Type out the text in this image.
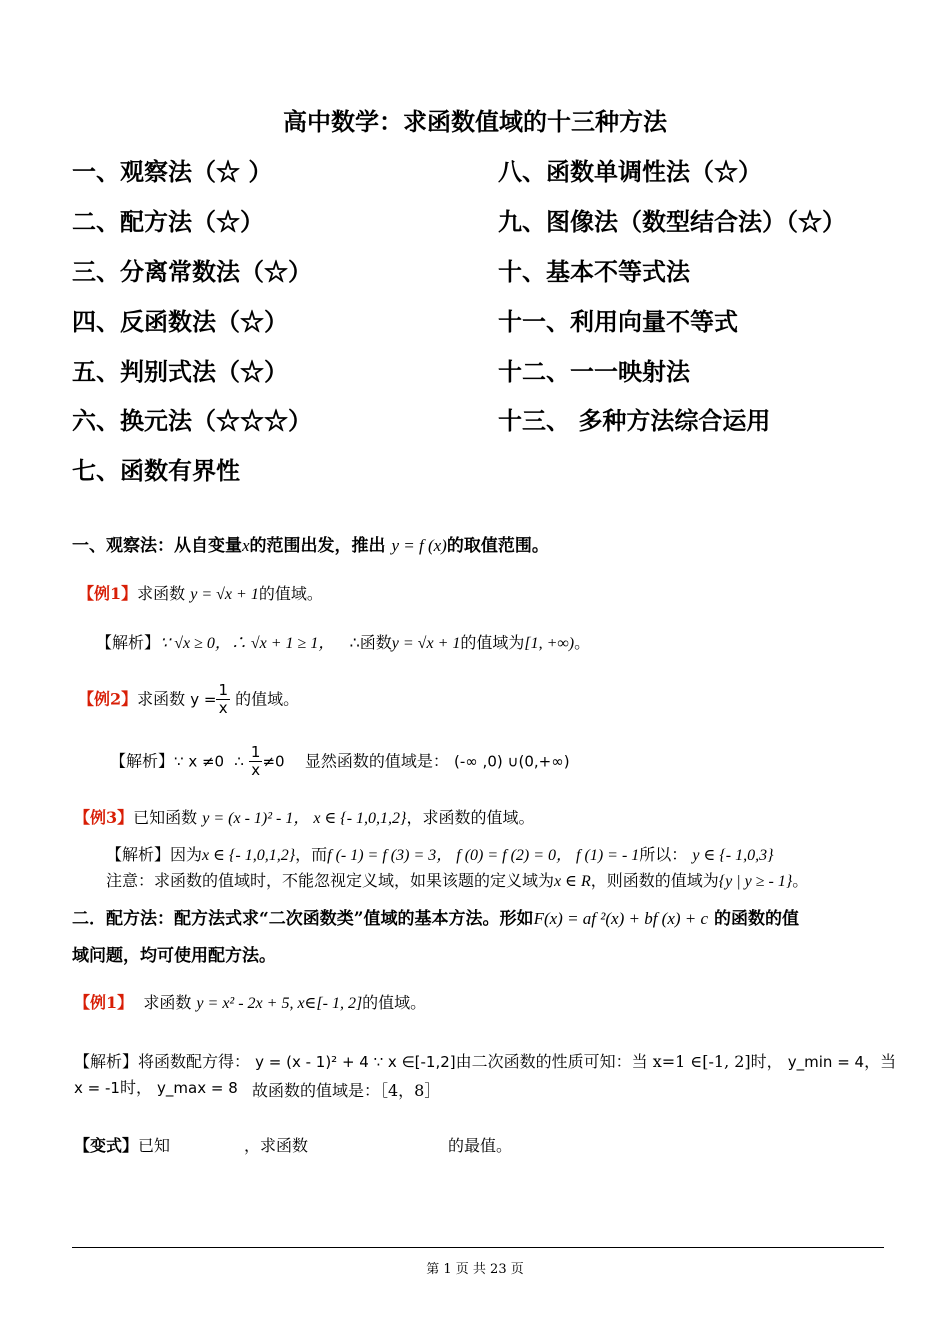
高中数学：求函数值域的十三种方法
一、观察法（☆ ）
二、配方法（☆）
三、分离常数法（☆）
四、反函数法（☆）
五、判别式法（☆）
六、换元法（☆☆☆）
七、函数有界性
八、函数单调性法（☆）
九、图像法（数型结合法）（☆）
十、基本不等式法
十一、利用向量不等式
十二、一一映射法
十三、 多种方法综合运用
一、观察法：从自变量x的范围出发，推出 y = f (x)的取值范围。
【例1】求函数 y = √x + 1的值域。
【解析】∵ √x ≥ 0，∴ √x + 1 ≥ 1， ∴函数y = √x + 1的值域为[1, +∞)。
【例2】求函数 $y = \frac{1}{x}$ 的值域。
【解析】∵ x ≠0 ∴ $\frac{1}{x} \ne 0$ 显然函数的值域是： (-∞ ,0) ∪(0,+∞)
【例3】已知函数 y = (x - 1)² - 1， x ∈ {- 1,0,1,2}，求函数的值域。
【解析】因为x ∈ {- 1,0,1,2}，而f (- 1) = f (3) = 3， f (0) = f (2) = 0， f (1) = - 1所以： y ∈ {- 1,0,3}
注意：求函数的值域时，不能忽视定义域，如果该题的定义域为x ∈ R，则函数的值域为{y | y ≥ - 1}。
二．配方法：配方法式求“二次函数类”值域的基本方法。形如F(x) = af ²(x) + bf (x) + c 的函数的值
域问题，均可使用配方法。
【例1】 求函数 y = x² - 2x + 5, x∈[- 1, 2]的值域。
【解析】将函数配方得： y = (x - 1)² + 4 ∵ x ∈[-1,2]由二次函数的性质可知：当 x=1 ∈[-1, 2]时， y_min = 4，当
x = -1时， y_max = 8 故函数的值域是：［4，8］
【变式】已知	，求函数	的最值。
第 1 页 共 23 页
